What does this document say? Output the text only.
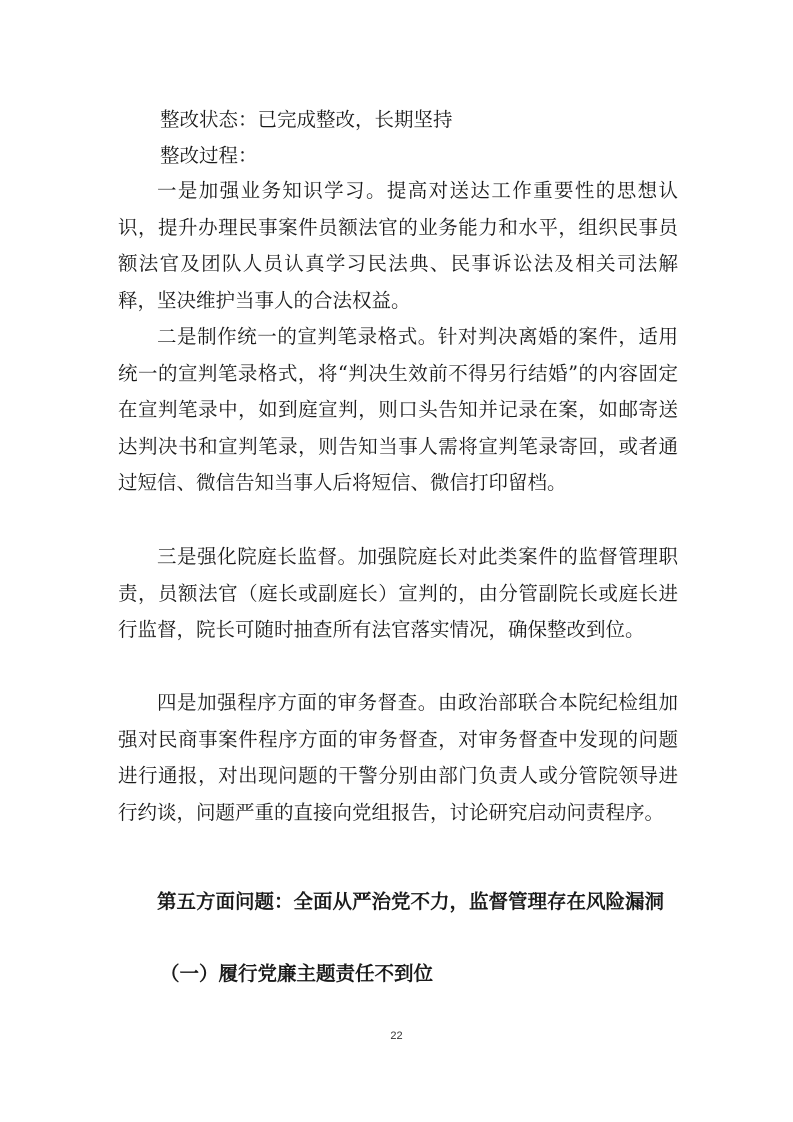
整改状态：已完成整改，长期坚持
整改过程：

一是加强业务知识学习。提高对送达工作重要性的思想认识，提升办理民事案件员额法官的业务能力和水平，组织民事员额法官及团队人员认真学习民法典、民事诉讼法及相关司法解释，坚决维护当事人的合法权益。

二是制作统一的宣判笔录格式。针对判决离婚的案件，适用统一的宣判笔录格式，将“判决生效前不得另行结婚”的内容固定在宣判笔录中，如到庭宣判，则口头告知并记录在案，如邮寄送达判决书和宣判笔录，则告知当事人需将宣判笔录寄回，或者通过短信、微信告知当事人后将短信、微信打印留档。

三是强化院庭长监督。加强院庭长对此类案件的监督管理职责，员额法官（庭长或副庭长）宣判的，由分管副院长或庭长进行监督，院长可随时抽查所有法官落实情况，确保整改到位。

四是加强程序方面的审务督查。由政治部联合本院纪检组加强对民商事案件程序方面的审务督查，对审务督查中发现的问题进行通报，对出现问题的干警分别由部门负责人或分管院领导进行约谈，问题严重的直接向党组报告，讨论研究启动问责程序。

第五方面问题：全面从严治党不力，监督管理存在风险漏洞

（一）履行党廉主题责任不到位
22
